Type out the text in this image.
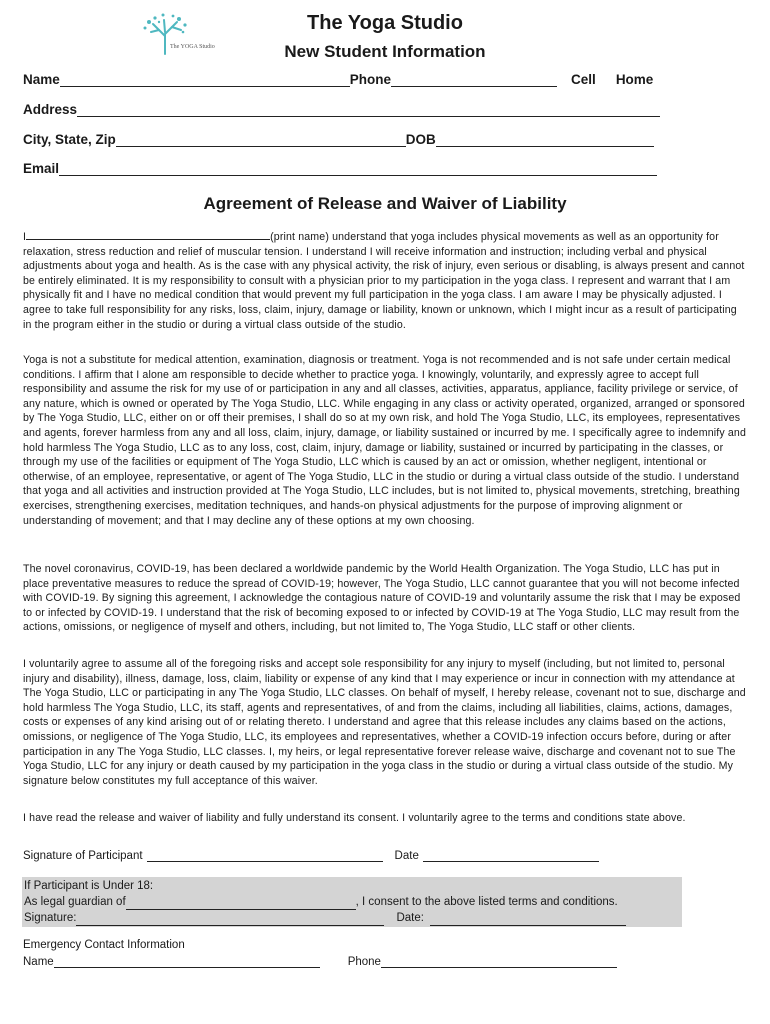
The YOGA Studio
The Yoga Studio
New Student Information
Name	Phone	Cell Home
Address
City, State, Zip	DOB
Email
Agreement of Release and Waiver of Liability
I	(print name) understand that yoga includes physical movements as well as an opportunity for relaxation, stress reduction and relief of muscular tension. I understand I will receive information and instruction; including verbal and physical adjustments about yoga and health. As is the case with any physical activity, the risk of injury, even serious or disabling, is always present and cannot be entirely eliminated. It is my responsibility to consult with a physician prior to my participation in the yoga class. I represent and warrant that I am physically fit and I have no medical condition that would prevent my full participation in the yoga class. I am aware I may be physically adjusted. I agree to take full responsibility for any risks, loss, claim, injury, damage or liability, known or unknown, which I might incur as a result of participating in the program either in the studio or during a virtual class outside of the studio.
Yoga is not a substitute for medical attention, examination, diagnosis or treatment. Yoga is not recommended and is not safe under certain medical conditions. I affirm that I alone am responsible to decide whether to practice yoga. I knowingly, voluntarily, and expressly agree to accept full responsibility and assume the risk for my use of or participation in any and all classes, activities, apparatus, appliance, facility privilege or service, of any nature, which is owned or operated by The Yoga Studio, LLC. While engaging in any class or activity operated, organized, arranged or sponsored by The Yoga Studio, LLC, either on or off their premises, I shall do so at my own risk, and hold The Yoga Studio, LLC, its employees, representatives and agents, forever harmless from any and all loss, claim, injury, damage, or liability sustained or incurred by me. I specifically agree to indemnify and hold harmless The Yoga Studio, LLC as to any loss, cost, claim, injury, damage or liability, sustained or incurred by participating in the classes, or through my use of the facilities or equipment of The Yoga Studio, LLC which is caused by an act or omission, whether negligent, intentional or otherwise, of an employee, representative, or agent of The Yoga Studio, LLC in the studio or during a virtual class outside of the studio. I understand that yoga and all activities and instruction provided at The Yoga Studio, LLC includes, but is not limited to, physical movements, stretching, breathing exercises, strengthening exercises, meditation techniques, and hands-on physical adjustments for the purpose of improving alignment or understanding of movement; and that I may decline any of these options at my own choosing.
The novel coronavirus, COVID-19, has been declared a worldwide pandemic by the World Health Organization. The Yoga Studio, LLC has put in place preventative measures to reduce the spread of COVID-19; however, The Yoga Studio, LLC cannot guarantee that you will not become infected with COVID-19. By signing this agreement, I acknowledge the contagious nature of COVID-19 and voluntarily assume the risk that I may be exposed to or infected by COVID-19. I understand that the risk of becoming exposed to or infected by COVID-19 at The Yoga Studio, LLC may result from the actions, omissions, or negligence of myself and others, including, but not limited to, The Yoga Studio, LLC staff or other clients.
I voluntarily agree to assume all of the foregoing risks and accept sole responsibility for any injury to myself (including, but not limited to, personal injury and disability), illness, damage, loss, claim, liability or expense of any kind that I may experience or incur in connection with my attendance at The Yoga Studio, LLC or participating in any The Yoga Studio, LLC classes. On behalf of myself, I hereby release, covenant not to sue, discharge and hold harmless The Yoga Studio, LLC, its staff, agents and representatives, of and from the claims, including all liabilities, claims, actions, damages, costs or expenses of any kind arising out of or relating thereto. I understand and agree that this release includes any claims based on the actions, omissions, or negligence of The Yoga Studio, LLC, its employees and representatives, whether a COVID-19 infection occurs before, during or after participation in any The Yoga Studio, LLC classes. I, my heirs, or legal representative forever release waive, discharge and covenant not to sue The Yoga Studio, LLC for any injury or death caused by my participation in the yoga class in the studio or during a virtual class outside of the studio. My signature below constitutes my full acceptance of this waiver.
I have read the release and waiver of liability and fully understand its consent. I voluntarily agree to the terms and conditions state above.
Signature of Participant	Date
If Participant is Under 18:
As legal guardian of	, I consent to the above listed terms and conditions.
Signature:	Date:
Emergency Contact Information
Name	Phone
